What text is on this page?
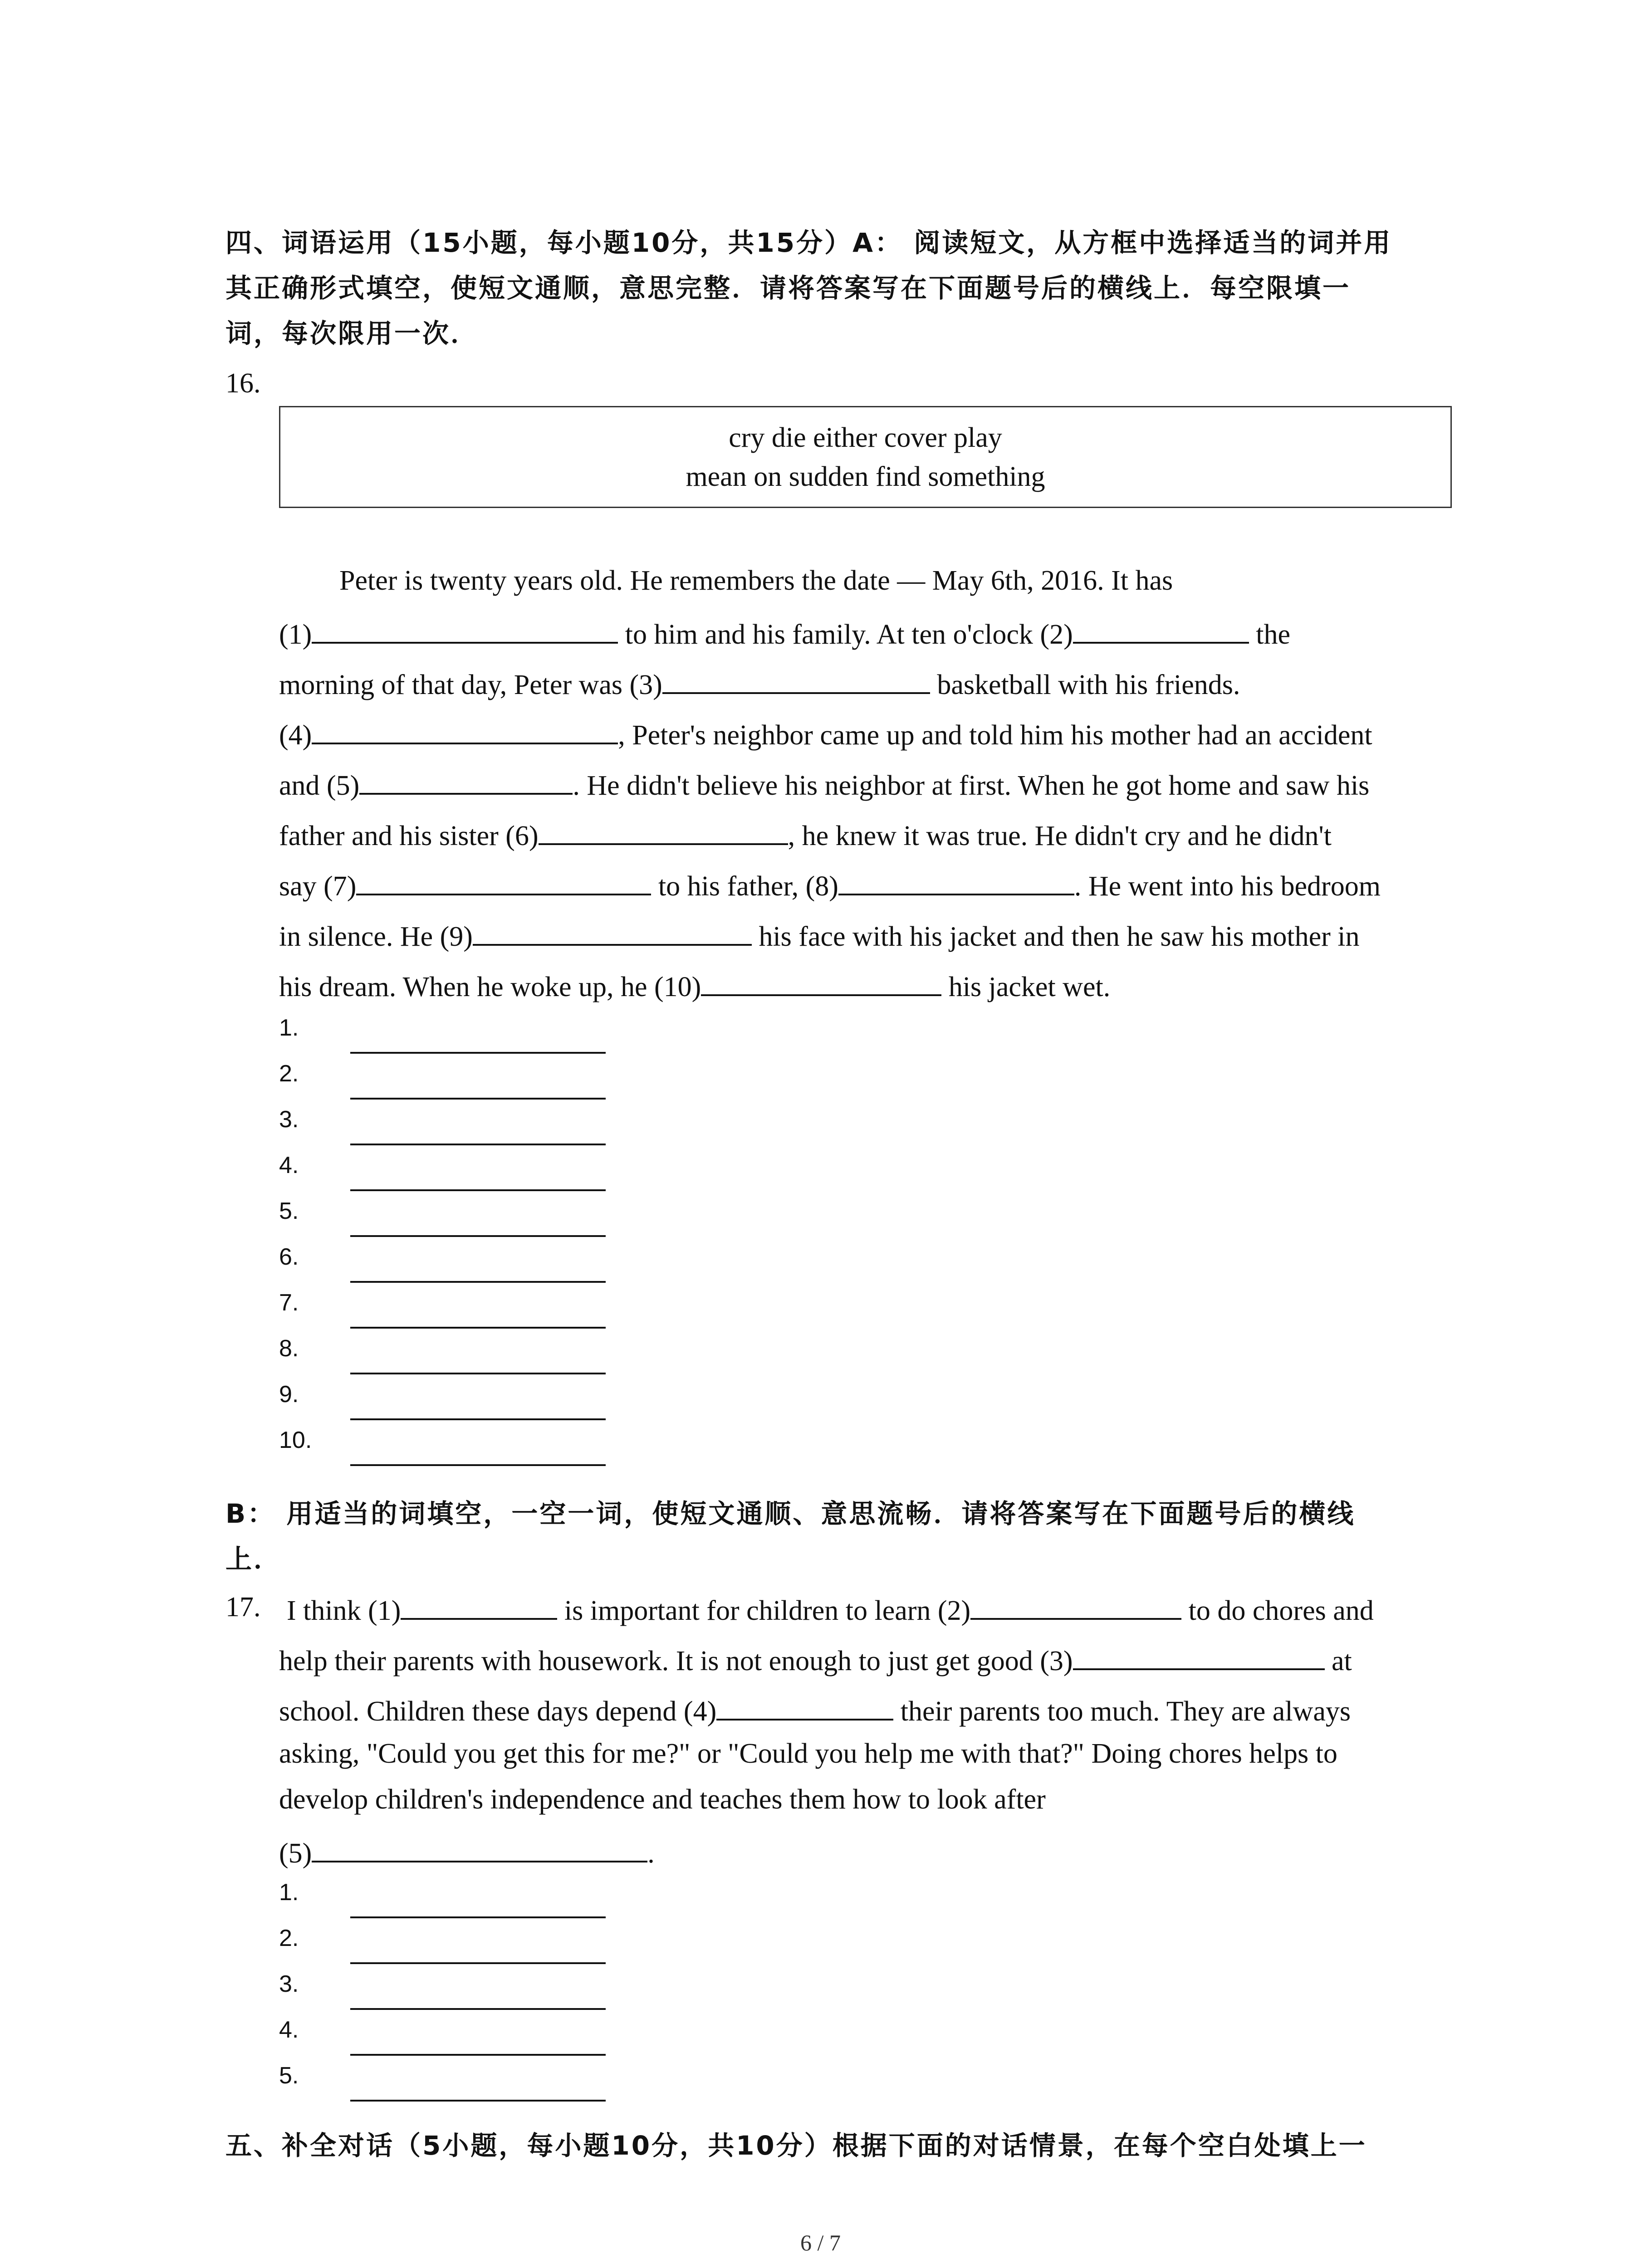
四、词语运用（15小题，每小题10分，共15分）A： 阅读短文，从方框中选择适当的词并用
其正确形式填空，使短文通顺，意思完整．请将答案写在下面题号后的横线上．每空限填一
词，每次限用一次．
16.
cry die either cover play
mean on sudden find something
Peter is twenty years old. He remembers the date — May 6th, 2016. It has
(1)	to him and his family. At ten o'clock (2)	the
morning of that day, Peter was (3)	basketball with his friends.
(4)	, Peter's neighbor came up and told him his mother had an accident
and (5)	. He didn't believe his neighbor at first. When he got home and saw his
father and his sister (6)	, he knew it was true. He didn't cry and he didn't
say (7)	to his father, (8)	. He went into his bedroom
in silence. He (9)	his face with his jacket and then he saw his mother in
his dream. When he woke up, he (10)	his jacket wet.
1.
2.
3.
4.
5.
6.
7.
8.
9.
10.
B： 用适当的词填空，一空一词，使短文通顺、意思流畅．请将答案写在下面题号后的横线
上．
17. I think (1)	is important for children to learn (2)	to do chores and
help their parents with housework. It is not enough to just get good (3)	at
school. Children these days depend (4)	their parents too much. They are always
asking, "Could you get this for me?" or "Could you help me with that?" Doing chores helps to
develop children's independence and teaches them how to look after
(5)	.
1.
2.
3.
4.
5.
五、补全对话（5小题，每小题10分，共10分）根据下面的对话情景，在每个空白处填上一
6 / 7
